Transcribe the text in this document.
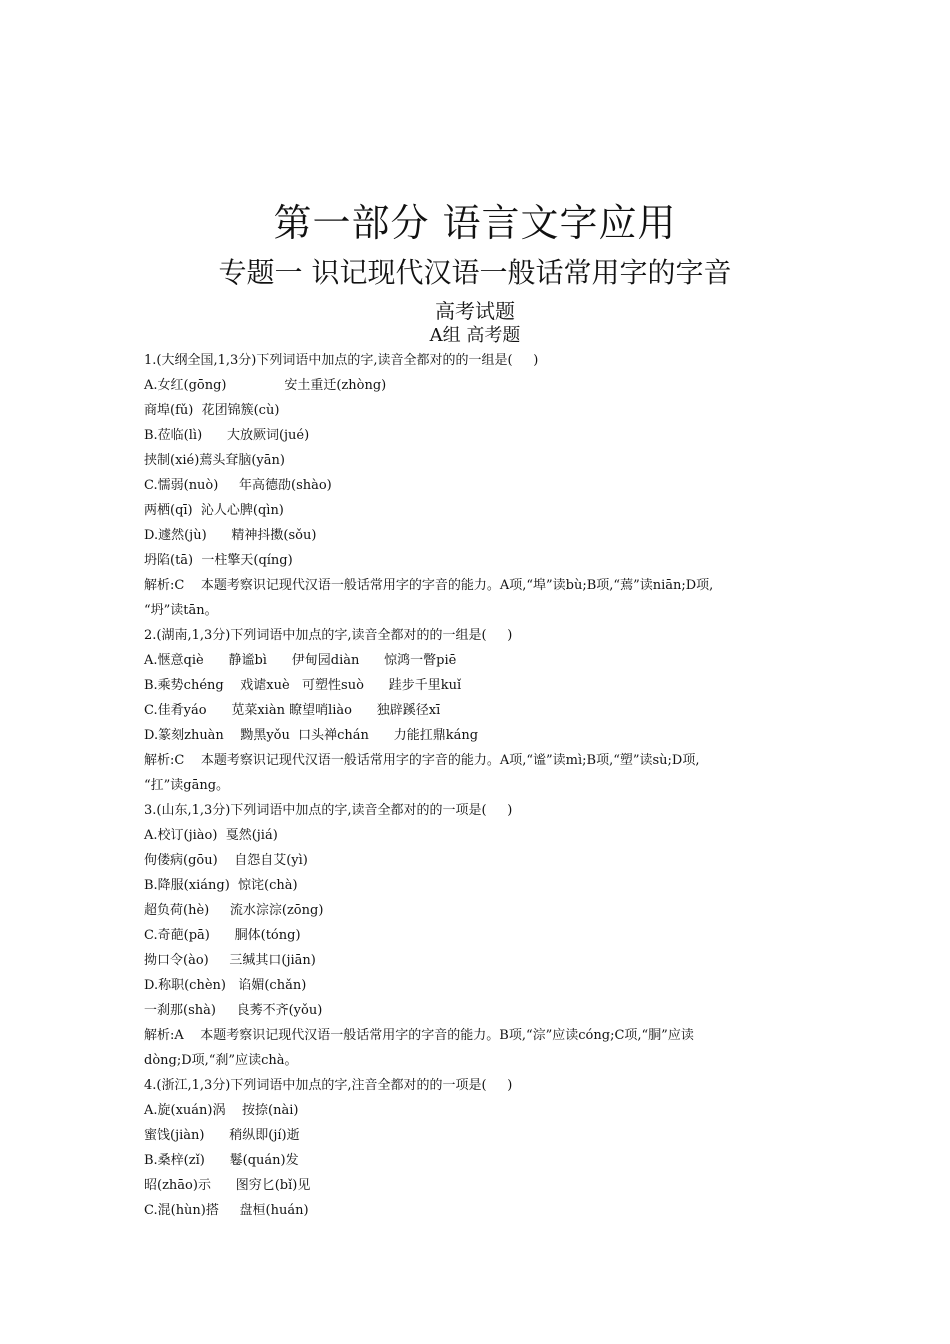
第一部分 语言文字应用
专题一 识记现代汉语一般话常用字的字音
高考试题
A组 高考题
1.(大纲全国,1,3分)下列词语中加点的字,读音全都对的的一组是(     )
A.女红(gōng)              安土重迁(zhòng)
商埠(fǔ)  花团锦簇(cù)
B.莅临(lì)      大放厥词(jué)
挟制(xié)蔫头耷脑(yān)
C.懦弱(nuò)     年高德劭(shào)
两栖(qī)  沁人心脾(qìn)
D.遽然(jù)      精神抖擞(sǒu)
坍陷(tā)  一柱擎天(qíng)
解析:C    本题考察识记现代汉语一般话常用字的字音的能力。A项,“埠”读bù;B项,“蔫”读niān;D项,
“坍”读tān。
2.(湖南,1,3分)下列词语中加点的字,读音全都对的的一组是(     )
A.惬意qiè      静谧bì      伊甸园diàn      惊鸿一瞥piē
B.乘势chéng    戏谑xuè   可塑性suò      跬步千里kuǐ
C.佳肴yáo      苋菜xiàn 瞭望哨liào      独辟蹊径xī
D.篆刻zhuàn    黝黑yǒu  口头禅chán      力能扛鼎káng
解析:C    本题考察识记现代汉语一般话常用字的字音的能力。A项,“谧”读mì;B项,“塑”读sù;D项,
“扛”读gāng。
3.(山东,1,3分)下列词语中加点的字,读音全都对的的一项是(     )
A.校订(jiào)  戛然(jiá)
佝偻病(gōu)    自怨自艾(yì)
B.降服(xiáng)  惊诧(chà)
超负荷(hè)     流水淙淙(zōng)
C.奇葩(pā)      胴体(tóng)
拗口令(ào)     三缄其口(jiān)
D.称职(chèn)   谄媚(chǎn)
一刹那(shà)     良莠不齐(yǒu)
解析:A    本题考察识记现代汉语一般话常用字的字音的能力。B项,“淙”应读cóng;C项,“胴”应读
dòng;D项,“刹”应读chà。
4.(浙江,1,3分)下列词语中加点的字,注音全都对的的一项是(     )
A.旋(xuán)涡    按捺(nài)
蜜饯(jiàn)      稍纵即(jí)逝
B.桑梓(zǐ)      鬈(quán)发
昭(zhāo)示      图穷匕(bǐ)见
C.混(hùn)搭     盘桓(huán)
